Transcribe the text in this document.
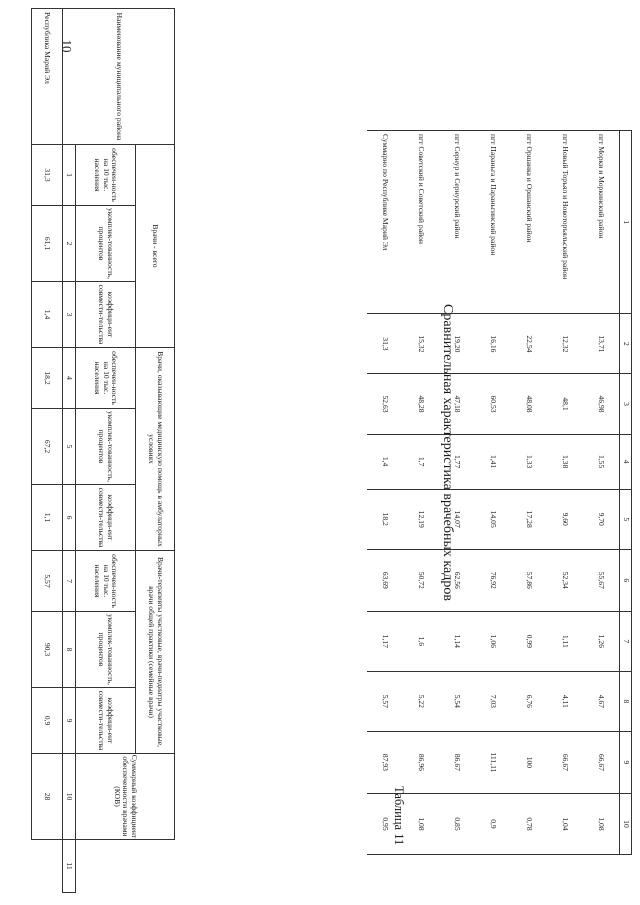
10
1	2	3	4	5	6	7	8	9	10
пгт Морки и Моркинский район	13,71	46,98	1,55	9,70	55,67	1,26	4,67	66,67	1,08
пгт Новый Торъял и Новоторъяльский район	12,32	48,1	1,38	9,60	52,34	1,11	4,11	66,67	1,04
пгт Оршанка и Оршанский район	22,54	48,08	1,33	17,28	57,86	0,99	6,76	100	0,78
пгт Параньга и Параньгинский район	16,16	60,53	1,41	14,05	76,92	1,06	7,03	111,11	0,9
пгт Сернур и Сернурский район	19,20	47,18	1,77	14,07	62,56	1,14	5,54	86,67	0,85
пгт Советский и Советский район	15,32	48,28	1,7	12,19	50,72	1,6	5,22	86,96	1,08
Суммарно по Республике Марий Эл	31,3	52,63	1,4	18,2	63,69	1,17	5,57	87,93	0,95 Таблица 11
Сравнительная характеристика врачебных кадров
Наименование муниципального района	Врачи - всего			Врачи, оказывающие медицинскую помощь в амбулаторных условиях			Врачи-терапевты участковые, врачи-педиатры участковые, врачи общей практики (семейные врачи)			Суммарный коэффициент обеспеченности врачами (КОВ)	
	обеспечен-ность на 10 тыс. населения	укомплек-тованность, процентов	коэффици-ент совмести-тельства	обеспечен-ность на 10 тыс. населения	укомплек-тованность, процентов	коэффици-ент совмести-тельства	обеспечен-ность на 10 тыс. населения	укомплек-тованность, процентов	коэффици-ент совмести-тельства		
	1	2	3	4	5	6	7	8	9	10	11
Республика Марий Эл	31,3	61,1	1,4	18,2	67,2	1,1	5,57	90,3	0,9	28	
